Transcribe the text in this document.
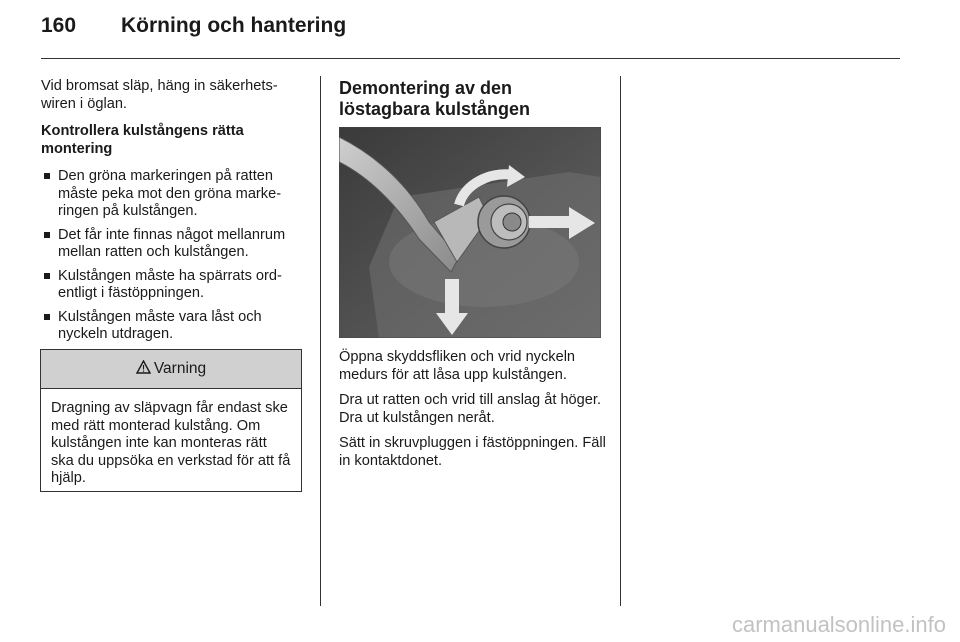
160	Körning och hantering

Vid bromsat släp, häng in säkerhets-wiren i öglan.

Kontrollera kulstångens rätta montering

Den gröna markeringen på ratten måste peka mot den gröna marke-ringen på kulstången.
Det får inte finnas något mellanrum mellan ratten och kulstången.
Kulstången måste ha spärrats ord-entligt i fästöppningen.
Kulstången måste vara låst och nyckeln utdragen.
Varning
Dragning av släpvagn får endast ske med rätt monterad kulstång. Om kulstången inte kan monteras rätt ska du uppsöka en verkstad för att få hjälp.
Demontering av den löstagbara kulstången

Öppna skyddsfliken och vrid nyckeln medurs för att låsa upp kulstången.

Dra ut ratten och vrid till anslag åt höger. Dra ut kulstången neråt.

Sätt in skruvpluggen i fästöppningen. Fäll in kontaktdonet.

carmanualsonline.info
